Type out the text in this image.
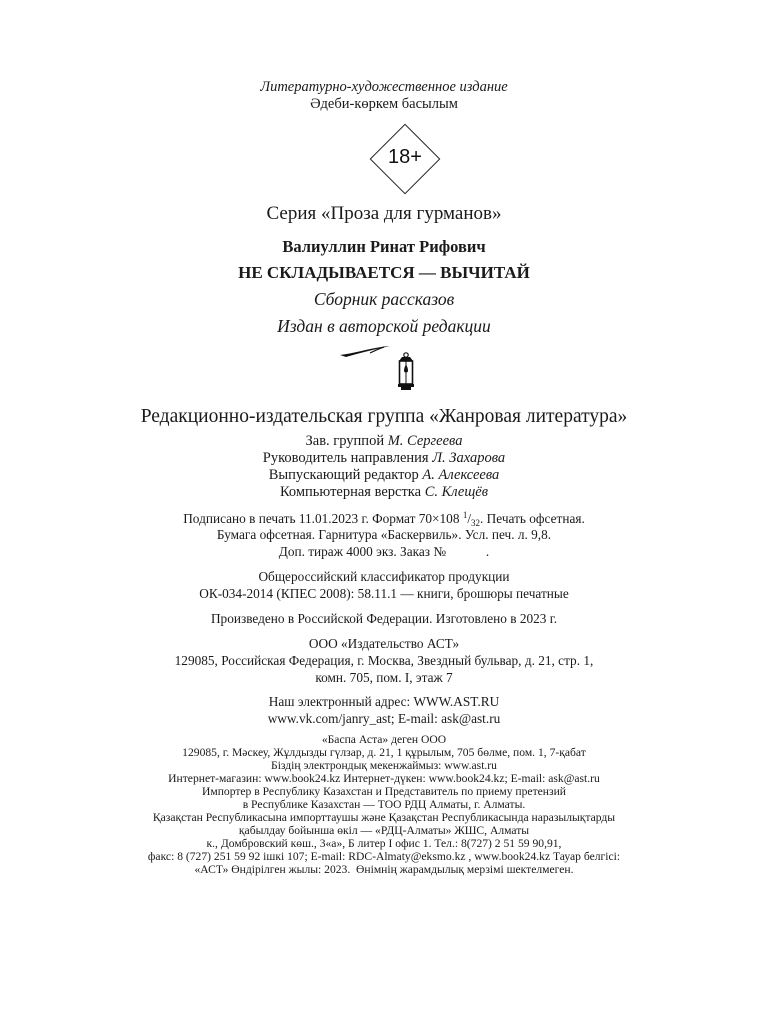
Литературно-художественное издание
Әдеби-көркем басылым
18+
Серия «Проза для гурманов»
Валиуллин Ринат Рифович
НЕ СКЛАДЫВАЕТСЯ — ВЫЧИТАЙ
Сборник рассказов
Издан в авторской редакции
Редакционно-издательская группа «Жанровая литература»
Зав. группой М. Сергеева
Руководитель направления Л. Захарова
Выпускающий редактор А. Алексеева
Компьютерная верстка С. Клещёв
Подписано в печать 11.01.2023 г. Формат 70×108 $^1/_{32}$. Печать офсетная.
Бумага офсетная. Гарнитура «Баскервиль». Усл. печ. л. 9,8.
Доп. тираж 4000 экз. Заказ №            .
Общероссийский классификатор продукции
ОК-034-2014 (КПЕС 2008): 58.11.1 — книги, брошюры печатные
Произведено в Российской Федерации. Изготовлено в 2023 г.
ООО «Издательство АСТ»
129085, Российская Федерация, г. Москва, Звездный бульвар, д. 21, стр. 1,
комн. 705, пом. I, этаж 7
Наш электронный адрес: WWW.AST.RU
www.vk.com/janry_ast; E-mail: ask@ast.ru
«Баспа Аста» деген ООО
129085, г. Мәскеу, Жұлдызды гүлзар, д. 21, 1 құрылым, 705 бөлме, пом. 1, 7-қабат
Біздің электрондық мекенжаймыз: www.ast.ru
Интернет-магазин: www.book24.kz Интернет-дүкен: www.book24.kz; E-mail: ask@ast.ru
Импортер в Республику Казахстан и Представитель по приему претензий
в Республике Казахстан — ТОО РДЦ Алматы, г. Алматы.
Қазақстан Республикасына импорттаушы және Қазақстан Республикасында наразылықтарды
қабылдау бойынша өкіл — «РДЦ-Алматы» ЖШС, Алматы
к., Домбровский көш., 3«а», Б литер I офис 1. Тел.: 8(727) 2 51 59 90,91,
факс: 8 (727) 251 59 92 ішкі 107; E-mail: RDC-Almaty@eksmo.kz , www.book24.kz Тауар белгісі:
«АСТ» Өндірілген жылы: 2023.  Өнімнің жарамдылық мерзімі шектелмеген.
